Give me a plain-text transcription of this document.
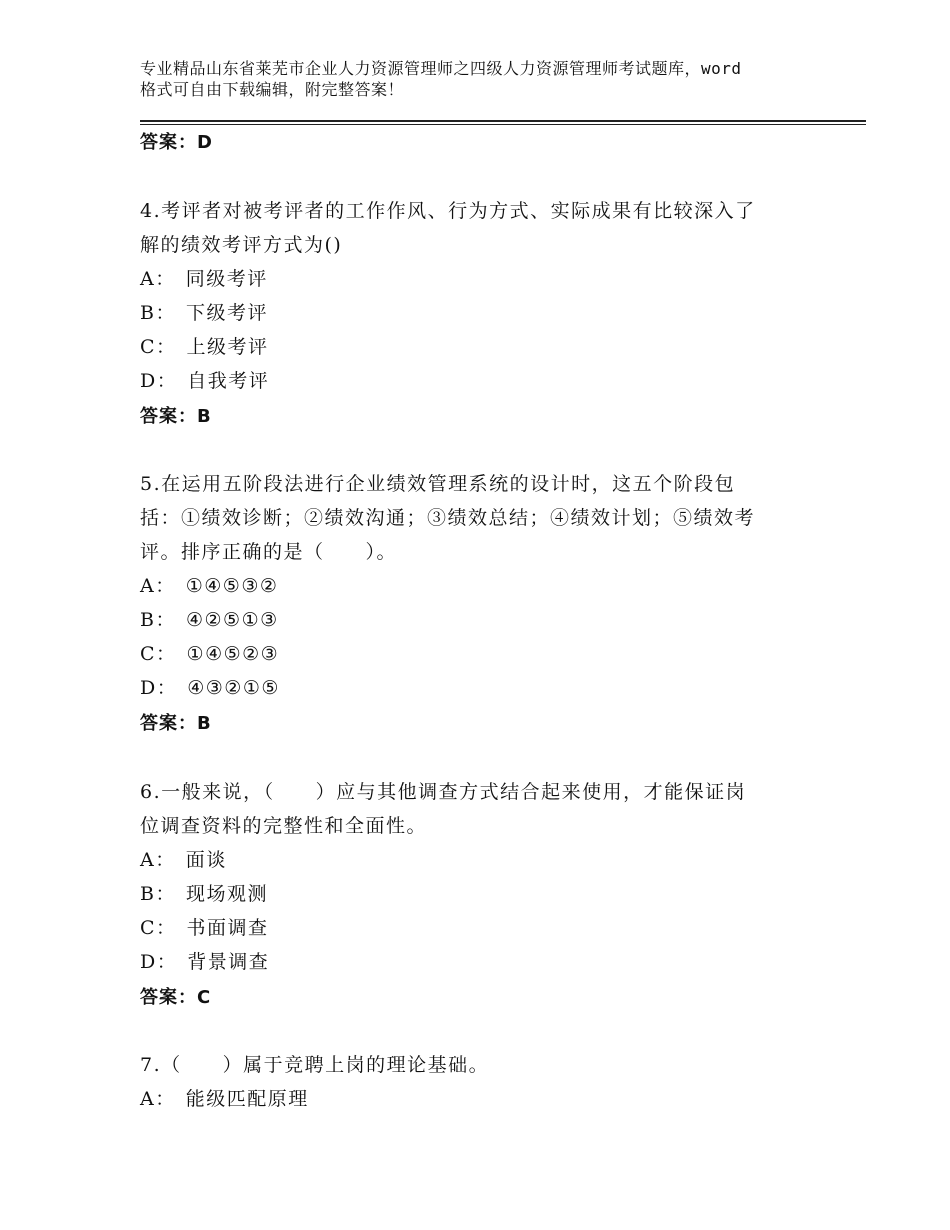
专业精品山东省莱芜市企业人力资源管理师之四级人力资源管理师考试题库，word
格式可自由下载编辑，附完整答案！
答案：D
4.考评者对被考评者的工作作风、行为方式、实际成果有比较深入了
解的绩效考评方式为()
A： 同级考评
B： 下级考评
C： 上级考评
D： 自我考评
答案：B
5.在运用五阶段法进行企业绩效管理系统的设计时，这五个阶段包
括：①绩效诊断；②绩效沟通；③绩效总结；④绩效计划；⑤绩效考
评。排序正确的是（　　）。
A： ①④⑤③②
B： ④②⑤①③
C： ①④⑤②③
D： ④③②①⑤
答案：B
6.一般来说，（　　）应与其他调查方式结合起来使用，才能保证岗
位调查资料的完整性和全面性。
A： 面谈
B： 现场观测
C： 书面调查
D： 背景调查
答案：C
7.（　　）属于竞聘上岗的理论基础。
A： 能级匹配原理
